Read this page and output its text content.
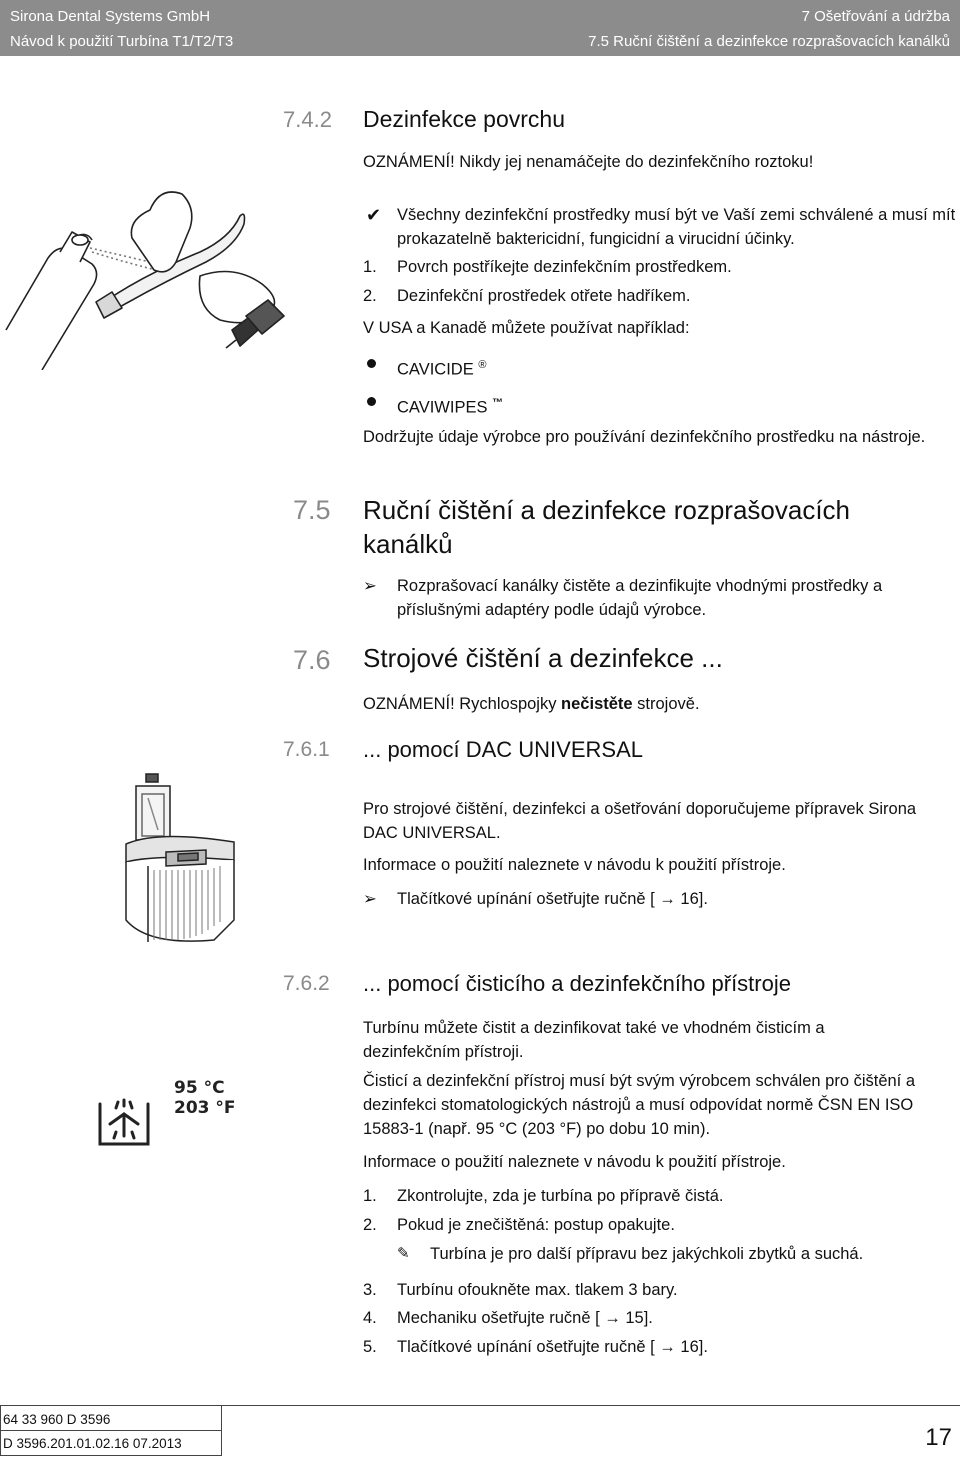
Sirona Dental Systems GmbH
Návod k použití Turbína T1/T2/T3
7 Ošetřování a údržba
7.5 Ruční čištění a dezinfekce rozprašovacích kanálků
7.4.2 Dezinfekce povrchu
OZNÁMENÍ! Nikdy jej nenamáčejte do dezinfekčního roztoku!
✔ Všechny dezinfekční prostředky musí být ve Vaší zemi schválené a musí mít prokazatelně baktericidní, fungicidní a virucidní účinky.
1. Povrch postříkejte dezinfekčním prostředkem.
2. Dezinfekční prostředek otřete hadříkem.
V USA a Kanadě můžete používat například:
CAVICIDE ®
CAVIWIPES ™
Dodržujte údaje výrobce pro používání dezinfekčního prostředku na nástroje.
7.5 Ruční čištění a dezinfekce rozprašovacích kanálků
➢ Rozprašovací kanálky čistěte a dezinfikujte vhodnými prostředky a příslušnými adaptéry podle údajů výrobce.
7.6 Strojové čištění a dezinfekce ...
OZNÁMENÍ! Rychlospojky nečistěte strojově.
7.6.1 ... pomocí DAC UNIVERSAL
Pro strojové čištění, dezinfekci a ošetřování doporučujeme přípravek Sirona DAC UNIVERSAL.
Informace o použití naleznete v návodu k použití přístroje.
➢ Tlačítkové upínání ošetřujte ručně [ → 16].
7.6.2 ... pomocí čisticího a dezinfekčního přístroje
Turbínu můžete čistit a dezinfikovat také ve vhodném čisticím a dezinfekčním přístroji.
Čisticí a dezinfekční přístroj musí být svým výrobcem schválen pro čištění a dezinfekci stomatologických nástrojů a musí odpovídat normě ČSN EN ISO 15883-1 (např. 95 °C (203 °F) po dobu 10 min).
Informace o použití naleznete v návodu k použití přístroje.
1. Zkontrolujte, zda je turbína po přípravě čistá.
2. Pokud je znečištěná: postup opakujte.
✎ Turbína je pro další přípravu bez jakýchkoli zbytků a suchá.
3. Turbínu ofoukněte max. tlakem 3 bary.
4. Mechaniku ošetřujte ručně [ → 15].
5. Tlačítkové upínání ošetřujte ručně [ → 16].
95 °C
203 °F
64 33 960 D 3596
D 3596.201.01.02.16 07.2013	17
